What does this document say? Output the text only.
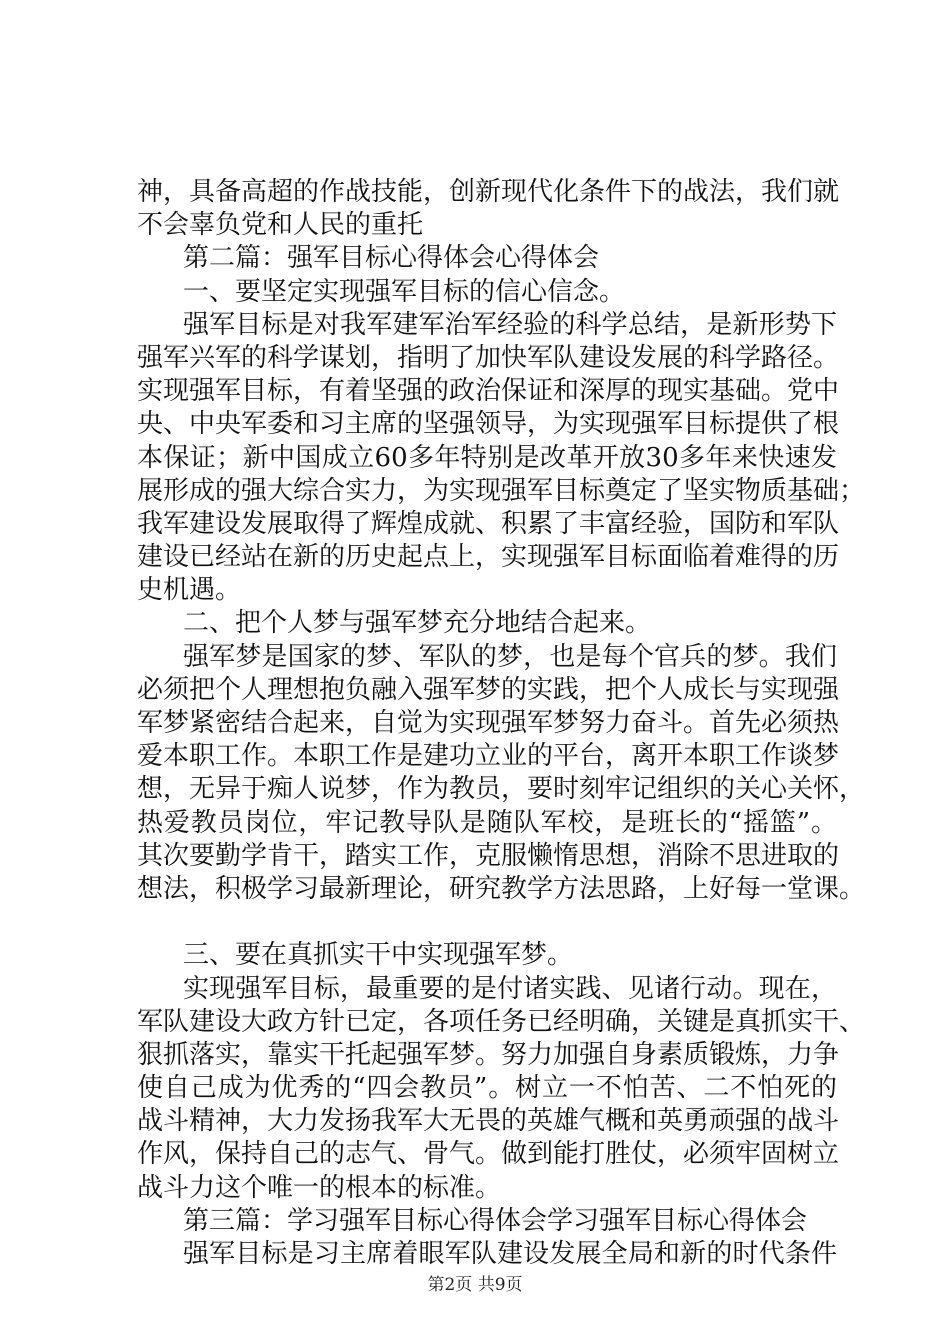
神，具备高超的作战技能，创新现代化条件下的战法，我们就
不会辜负党和人民的重托
第二篇：强军目标心得体会心得体会
一、要坚定实现强军目标的信心信念。
强军目标是对我军建军治军经验的科学总结，是新形势下
强军兴军的科学谋划，指明了加快军队建设发展的科学路径。
实现强军目标，有着坚强的政治保证和深厚的现实基础。党中
央、中央军委和习主席的坚强领导，为实现强军目标提供了根
本保证；新中国成立60多年特别是改革开放30多年来快速发
展形成的强大综合实力，为实现强军目标奠定了坚实物质基础；
我军建设发展取得了辉煌成就、积累了丰富经验，国防和军队
建设已经站在新的历史起点上，实现强军目标面临着难得的历
史机遇。
二、把个人梦与强军梦充分地结合起来。
强军梦是国家的梦、军队的梦，也是每个官兵的梦。我们
必须把个人理想抱负融入强军梦的实践，把个人成长与实现强
军梦紧密结合起来，自觉为实现强军梦努力奋斗。首先必须热
爱本职工作。本职工作是建功立业的平台，离开本职工作谈梦
想，无异于痴人说梦，作为教员，要时刻牢记组织的关心关怀，
热爱教员岗位，牢记教导队是随队军校，是班长的“摇篮”。
其次要勤学肯干，踏实工作，克服懒惰思想，消除不思进取的
想法，积极学习最新理论，研究教学方法思路，上好每一堂课。
三、要在真抓实干中实现强军梦。
实现强军目标，最重要的是付诸实践、见诸行动。现在，
军队建设大政方针已定，各项任务已经明确，关键是真抓实干、
狠抓落实，靠实干托起强军梦。努力加强自身素质锻炼，力争
使自己成为优秀的“四会教员”。树立一不怕苦、二不怕死的
战斗精神，大力发扬我军大无畏的英雄气概和英勇顽强的战斗
作风，保持自己的志气、骨气。做到能打胜仗，必须牢固树立
战斗力这个唯一的根本的标准。
第三篇：学习强军目标心得体会学习强军目标心得体会
强军目标是习主席着眼军队建设发展全局和新的时代条件
第2页 共9页
